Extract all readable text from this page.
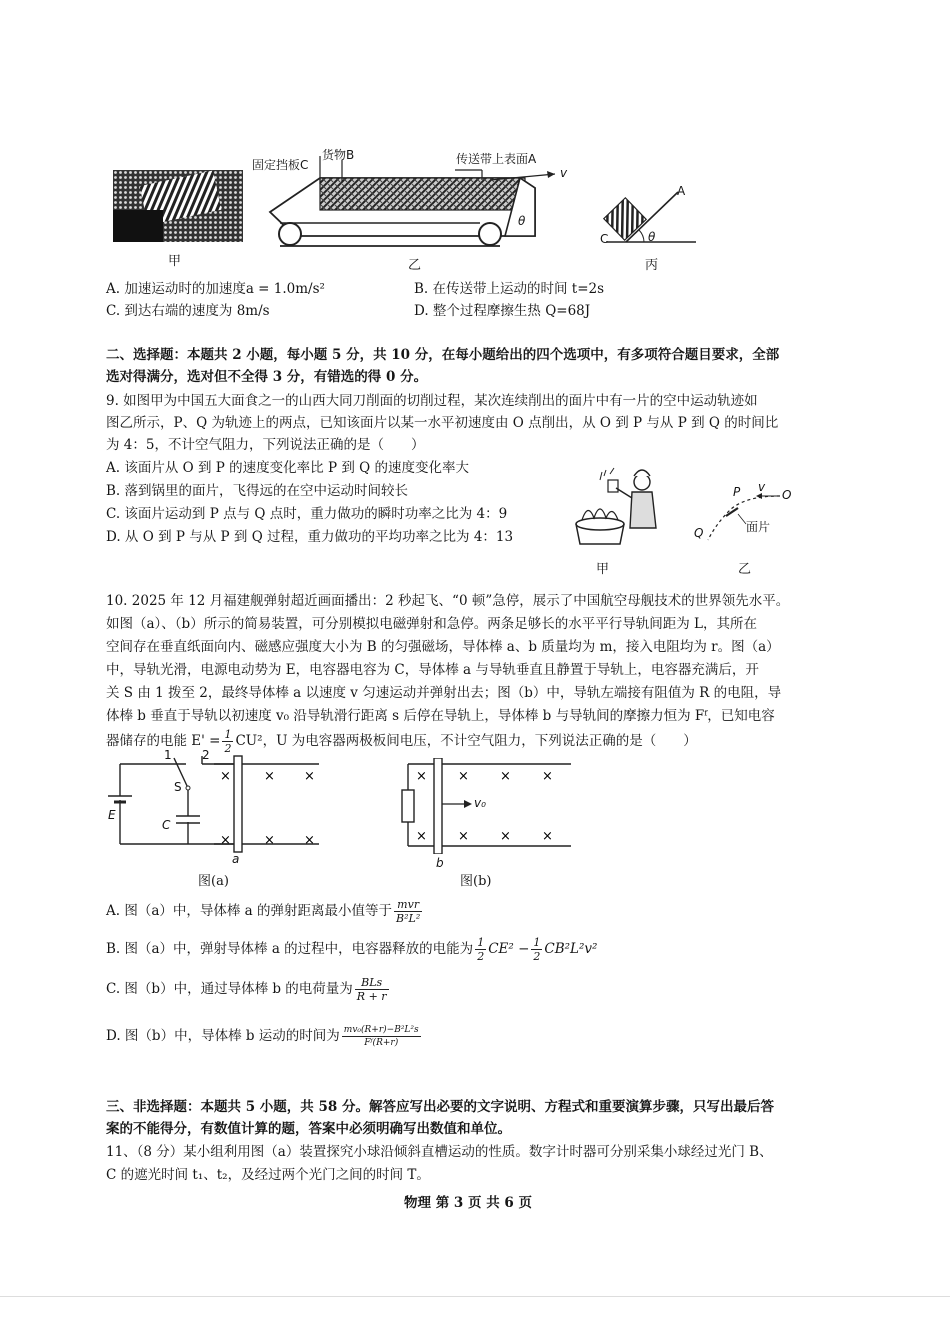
甲
固定挡板C
货物B	传送带上表面A
v
θ
乙
A
C	θ
丙
A. 加速运动时的加速度a = 1.0m/s²	B. 在传送带上运动的时间 t=2s
C. 到达右端的速度为 8m/s	D. 整个过程摩擦生热 Q=68J
二、选择题：本题共 2 小题，每小题 5 分，共 10 分，在每小题给出的四个选项中，有多项符合题目要求，全部
选对得满分，选对但不全得 3 分，有错选的得 0 分。
9. 如图甲为中国五大面食之一的山西大同刀削面的切削过程，某次连续削出的面片中有一片的空中运动轨迹如
图乙所示，P、Q 为轨迹上的两点，已知该面片以某一水平初速度由 O 点削出，从 O 到 P 与从 P 到 Q 的时间比
为 4：5，不计空气阻力，下列说法正确的是（　　）
A. 该面片从 O 到 P 的速度变化率比 P 到 Q 的速度变化率大
B. 落到锅里的面片，飞得远的在空中运动时间较长
C. 该面片运动到 P 点与 Q 点时，重力做功的瞬时功率之比为 4：9
D. 从 O 到 P 与从 P 到 Q 过程，重力做功的平均功率之比为 4：13
甲
P v
O
Q	面片
乙
10. 2025 年 12 月福建舰弹射超近画面播出：2 秒起飞、“0 顿”急停，展示了中国航空母舰技术的世界领先水平。
如图（a）、（b）所示的简易装置，可分别模拟电磁弹射和急停。两条足够长的水平平行导轨间距为 L，其所在
空间存在垂直纸面向内、磁感应强度大小为 B 的匀强磁场，导体棒 a、b 质量均为 m，接入电阻均为 r。图（a）
中，导轨光滑，电源电动势为 E，电容器电容为 C，导体棒 a 与导轨垂直且静置于导轨上，电容器充满后，开
关 S 由 1 拨至 2，最终导体棒 a 以速度 v 匀速运动并弹射出去；图（b）中，导轨左端接有阻值为 R 的电阻，导
体棒 b 垂直于导轨以初速度 v₀ 沿导轨滑行距离 s 后停在导轨上，导体棒 b 与导轨间的摩擦力恒为 Fᶠ，已知电容
器储存的电能 $E' = \frac{1}{2} CU^2$，U 为电容器两极板间电压，不计空气阻力，下列说法正确的是（　　）
×
×
× ×
× ×
1	2
S
E
C
a
图(a)
×
×
× × ×
× × ×
v₀
b
图(b)
A. 图（a）中，导体棒 a 的弹射距离最小值等于 $\frac{\text{mvr}}{\text{B²L²}}$
B. 图（a）中，弹射导体棒 a 的过程中，电容器释放的电能为 $\frac{1}{2} CE^2 - \frac{1}{2} CB^2L^2v^2$
C. 图（b）中，通过导体棒 b 的电荷量为 $\frac{\text{BLs}}{R + r}$
D. 图（b）中，导体棒 b 运动的时间为 $\frac{\text{mv₀(R+r)−B²L²s}}{\text{Fᶠ(R+r)}}$
三、非选择题：本题共 5 小题，共 58 分。解答应写出必要的文字说明、方程式和重要演算步骤，只写出最后答
案的不能得分，有数值计算的题，答案中必须明确写出数值和单位。
11、（8 分）某小组利用图（a）装置探究小球沿倾斜直槽运动的性质。数字计时器可分别采集小球经过光门 B、
C 的遮光时间 t₁、t₂，及经过两个光门之间的时间 T。
物理 第 3 页 共 6 页
